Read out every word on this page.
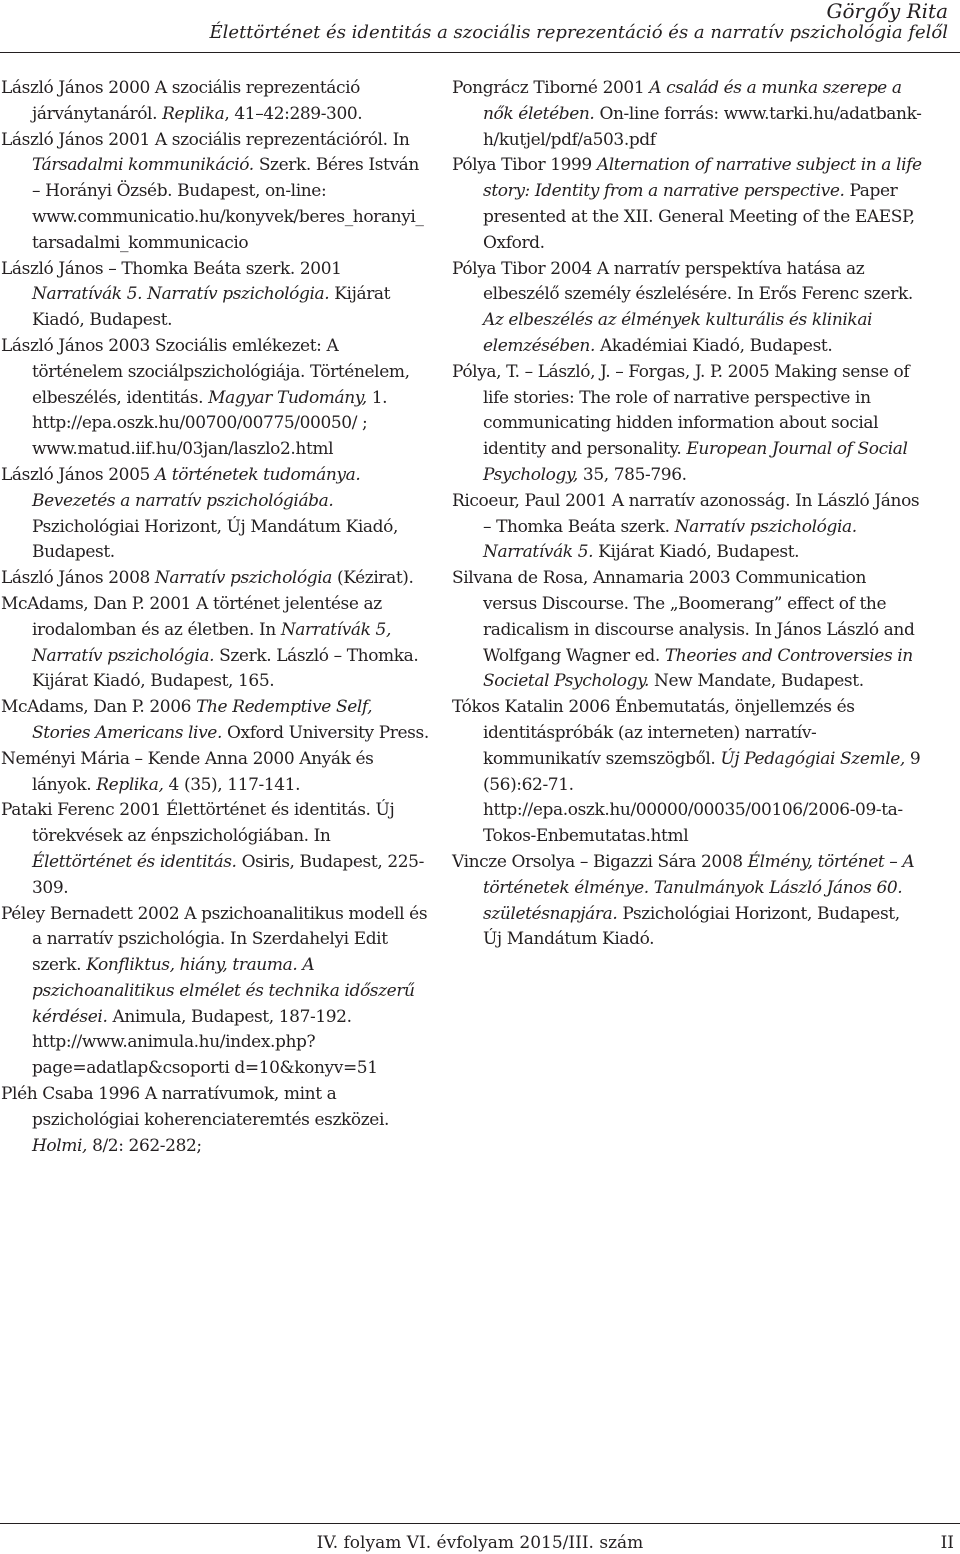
Görgőy Rita
Élettörténet és identitás a szociális reprezentáció és a narratív pszichológia felől

László János 2000 A szociális reprezentáció járványtanáról. Replika, 41–42:289-300.

László János 2001 A szociális reprezentációról. In Társadalmi kommunikáció. Szerk. Béres István – Horányi Özséb. Budapest, on-line: www.communicatio.hu/konyvek/beres_horanyi_ tarsadalmi_kommunicacio

László János – Thomka Beáta szerk. 2001 Narratívák 5. Narratív pszichológia. Kijárat Kiadó, Budapest.

László János 2003 Szociális emlékezet: A történelem szociálpszichológiája. Történelem, elbeszélés, identitás. Magyar Tudomány, 1. http://epa.oszk.hu/00700/00775/00050/ ; www.matud.iif.hu/03jan/laszlo2.html

László János 2005 A történetek tudománya. Bevezetés a narratív pszichológiába. Pszichológiai Horizont, Új Mandátum Kiadó, Budapest.

László János 2008 Narratív pszichológia (Kézirat).

McAdams, Dan P. 2001 A történet jelentése az irodalomban és az életben. In Narratívák 5, Narratív pszichológia. Szerk. László – Thomka. Kijárat Kiadó, Budapest, 165.

McAdams, Dan P. 2006 The Redemptive Self, Stories Americans live. Oxford University Press.

Neményi Mária – Kende Anna 2000 Anyák és lányok. Replika, 4 (35), 117-141.

Pataki Ferenc 2001 Élettörténet és identitás. Új törekvések az énpszichológiában. In Élettörténet és identitás. Osiris, Budapest, 225-309.

Péley Bernadett 2002 A pszichoanalitikus modell és a narratív pszichológia. In Szerdahelyi Edit szerk. Konfliktus, hiány, trauma. A pszichoanalitikus elmélet és technika időszerű kérdései. Animula, Budapest, 187-192. http://www.animula.hu/index.php?page=adatlap&csoporti d=10&konyv=51

Pléh Csaba 1996 A narratívumok, mint a pszichológiai koherenciateremtés eszközei. Holmi, 8/2: 262-282;

Pongrácz Tiborné 2001 A család és a munka szerepe a nők életében. On-line forrás: www.tarki.hu/adatbank-h/kutjel/pdf/a503.pdf

Pólya Tibor 1999 Alternation of narrative subject in a life story: Identity from a narrative perspective. Paper presented at the XII. General Meeting of the EAESP, Oxford.

Pólya Tibor 2004 A narratív perspektíva hatása az elbeszélő személy észlelésére. In Erős Ferenc szerk. Az elbeszélés az élmények kulturális és klinikai elemzésében. Akadémiai Kiadó, Budapest.

Pólya, T. – László, J. – Forgas, J. P. 2005 Making sense of life stories: The role of narrative perspective in communicating hidden information about social identity and personality. European Journal of Social Psychology, 35, 785-796.

Ricoeur, Paul 2001 A narratív azonosság. In László János – Thomka Beáta szerk. Narratív pszichológia. Narratívák 5. Kijárat Kiadó, Budapest.

Silvana de Rosa, Annamaria 2003 Communication versus Discourse. The „Boomerang” effect of the radicalism in discourse analysis. In János László and Wolfgang Wagner ed. Theories and Controversies in Societal Psychology. New Mandate, Budapest.

Tókos Katalin 2006 Énbemutatás, önjellemzés és identitáspróbák (az interneten) narratív-kommunikatív szemszögből. Új Pedagógiai Szemle, 9 (56):62-71. http://epa.oszk.hu/00000/00035/00106/2006-09-ta-Tokos-Enbemutatas.html

Vincze Orsolya – Bigazzi Sára 2008 Élmény, történet – A történetek élménye. Tanulmányok László János 60. születésnapjára. Pszichológiai Horizont, Budapest, Új Mandátum Kiadó.

IV. folyam VI. évfolyam 2015/III. szám	II
